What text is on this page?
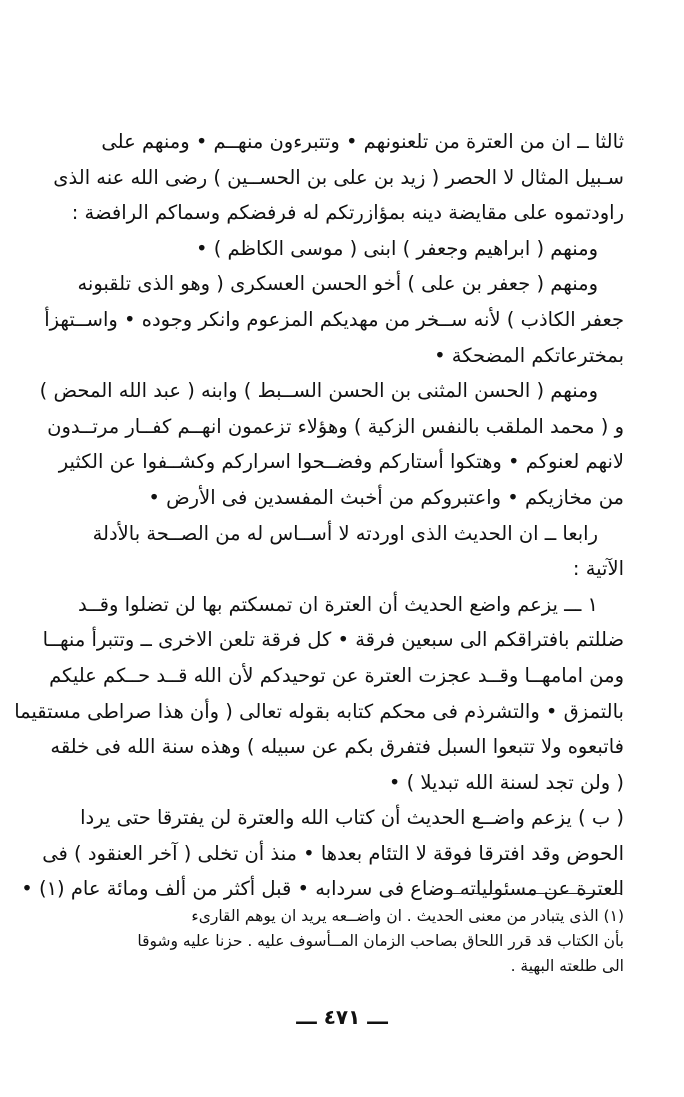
ثالثا ــ ان من العترة من تلعنونهم • وتتبرءون منهــم • ومنهم على
سـبيل المثال لا الحصر ( زيد بن على بن الحســين ) رضى الله عنه الذى
راودتموه على مقايضة دينه بمؤازرتكم له فرفضكم وسماكم الرافضة :
ومنهم ( ابراهيم وجعفر ) ابنى ( موسى الكاظم ) •
ومنهم ( جعفر بن على ) أخو الحسن العسكرى ( وهو الذى تلقبونه
جعفر الكاذب ) لأنه ســخر من مهديكم المزعوم وانكر وجوده • واســتهزأ
بمخترعاتكم المضحكة •
ومنهم ( الحسن المثنى بن الحسن الســبط ) وابنه ( عبد الله المحض )
و ( محمد الملقب بالنفس الزكية ) وهؤلاء تزعمون انهــم كفــار مرتــدون
لانهم لعنوكم • وهتكوا أستاركم وفضــحوا اسراركم وكشــفوا عن الكثير
من مخازيكم • واعتبروكم من أخبث المفسدين فى الأرض •
رابعا ــ ان الحديث الذى اوردته لا أســاس له من الصــحة بالأدلة
الآتية :
١ ـــ يزعم واضع الحديث أن العترة ان تمسكتم بها لن تضلوا وقــد
ضللتم بافتراقكم الى سبعين فرقة • كل فرقة تلعن الاخرى ــ وتتبرأ منهــا
ومن امامهــا وقــد عجزت العترة عن توحيدكم لأن الله قــد حــكم عليكم
بالتمزق • والتشرذم فى محكم كتابه بقوله تعالى ( وأن هذا صراطى مستقيما
فاتبعوه ولا تتبعوا السبل فتفرق بكم عن سبيله ) وهذه سنة الله فى خلقه
( ولن تجد لسنة الله تبديلا ) •
( ب ) يزعم واضــع الحديث أن كتاب الله والعترة لن يفترقا حتى يردا
الحوض وقد افترقا فوقة لا التئام بعدها • منذ أن تخلى ( آخر العنقود ) فى
العترة عن مسئولياته وضاع فى سردابه • قبل أكثر من ألف ومائة عام (١) •
(١) الذى يتبادر من معنى الحديث . ان واضــعه يريد ان يوهم القارىء
بأن الكتاب قد قرر اللحاق بصاحب الزمان المــأسوف عليه . حزنا عليه وشوقا
الى طلعته البهية .
ـــ ٤٧١ ـــ
